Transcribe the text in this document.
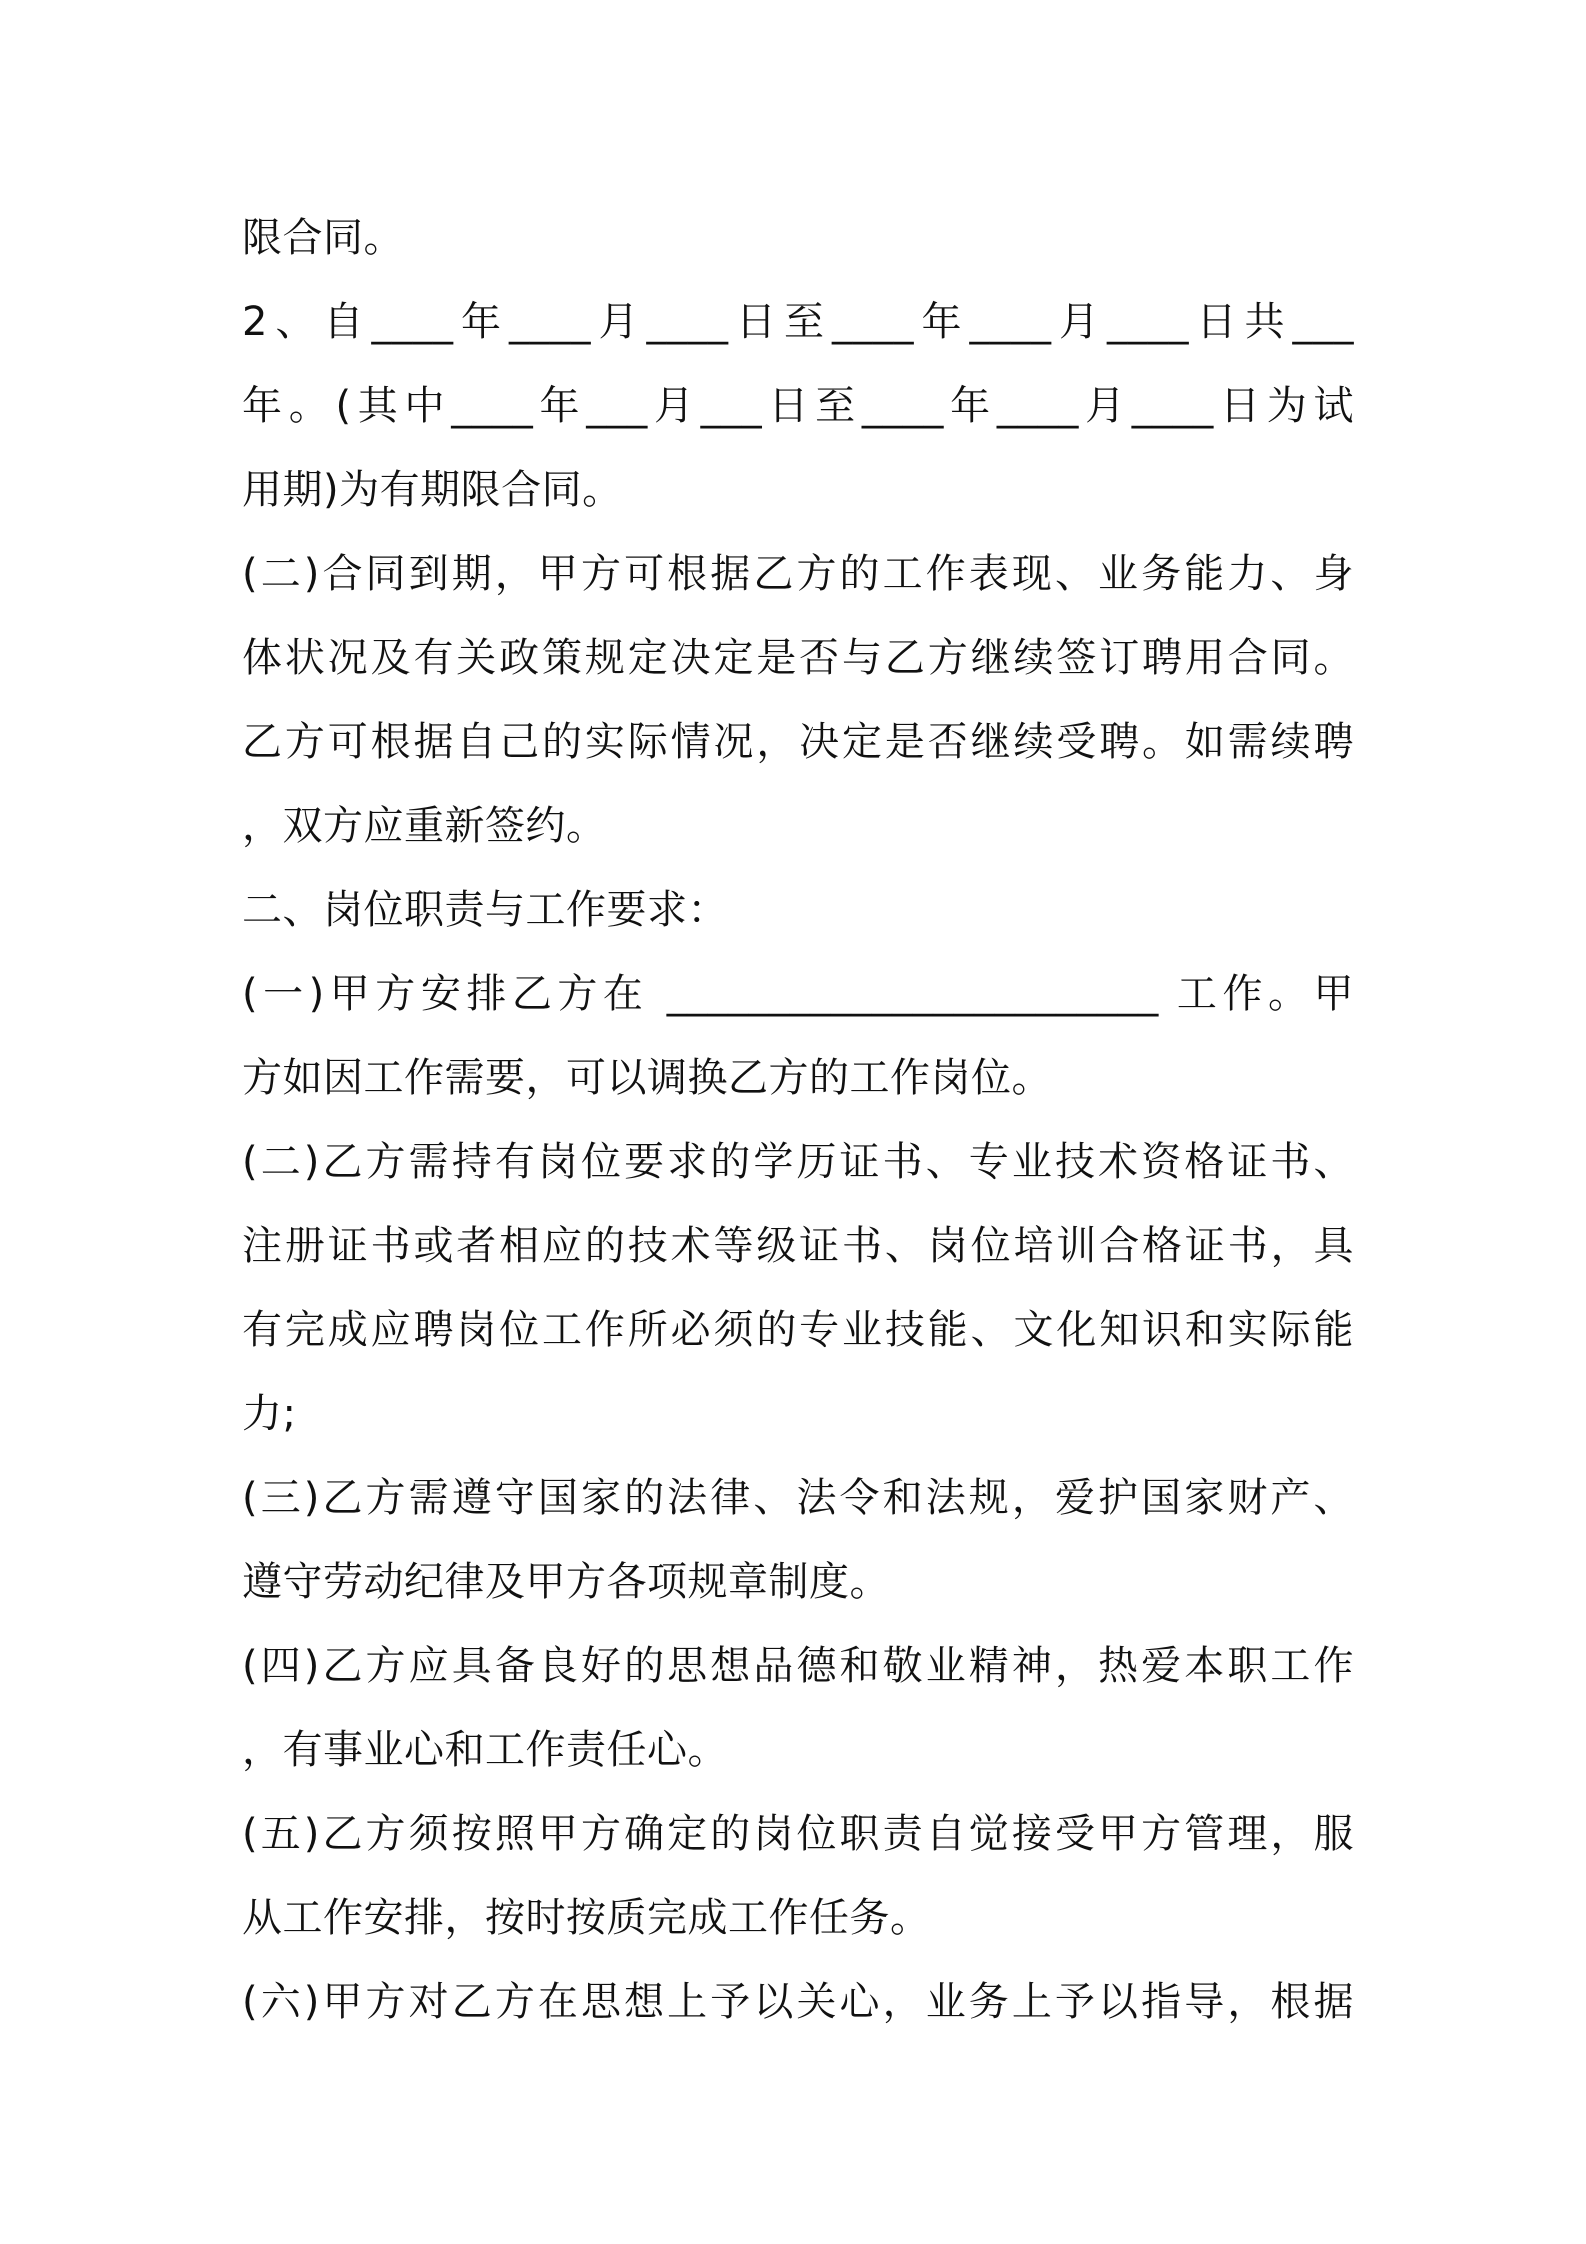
限合同。
2、自____年____月____日至____年____月____日共___
年。(其中____年___月___日至____年____月____日为试
用期)为有期限合同。
(二)合同到期，甲方可根据乙方的工作表现、业务能力、身
体状况及有关政策规定决定是否与乙方继续签订聘用合同。
乙方可根据自己的实际情况，决定是否继续受聘。如需续聘
，双方应重新签约。
二、岗位职责与工作要求：
(一)甲方安排乙方在 ________________________ 工作。甲
方如因工作需要，可以调换乙方的工作岗位。
(二)乙方需持有岗位要求的学历证书、专业技术资格证书、
注册证书或者相应的技术等级证书、岗位培训合格证书，具
有完成应聘岗位工作所必须的专业技能、文化知识和实际能
力;
(三)乙方需遵守国家的法律、法令和法规，爱护国家财产、
遵守劳动纪律及甲方各项规章制度。
(四)乙方应具备良好的思想品德和敬业精神，热爱本职工作
，有事业心和工作责任心。
(五)乙方须按照甲方确定的岗位职责自觉接受甲方管理，服
从工作安排，按时按质完成工作任务。
(六)甲方对乙方在思想上予以关心，业务上予以指导，根据
